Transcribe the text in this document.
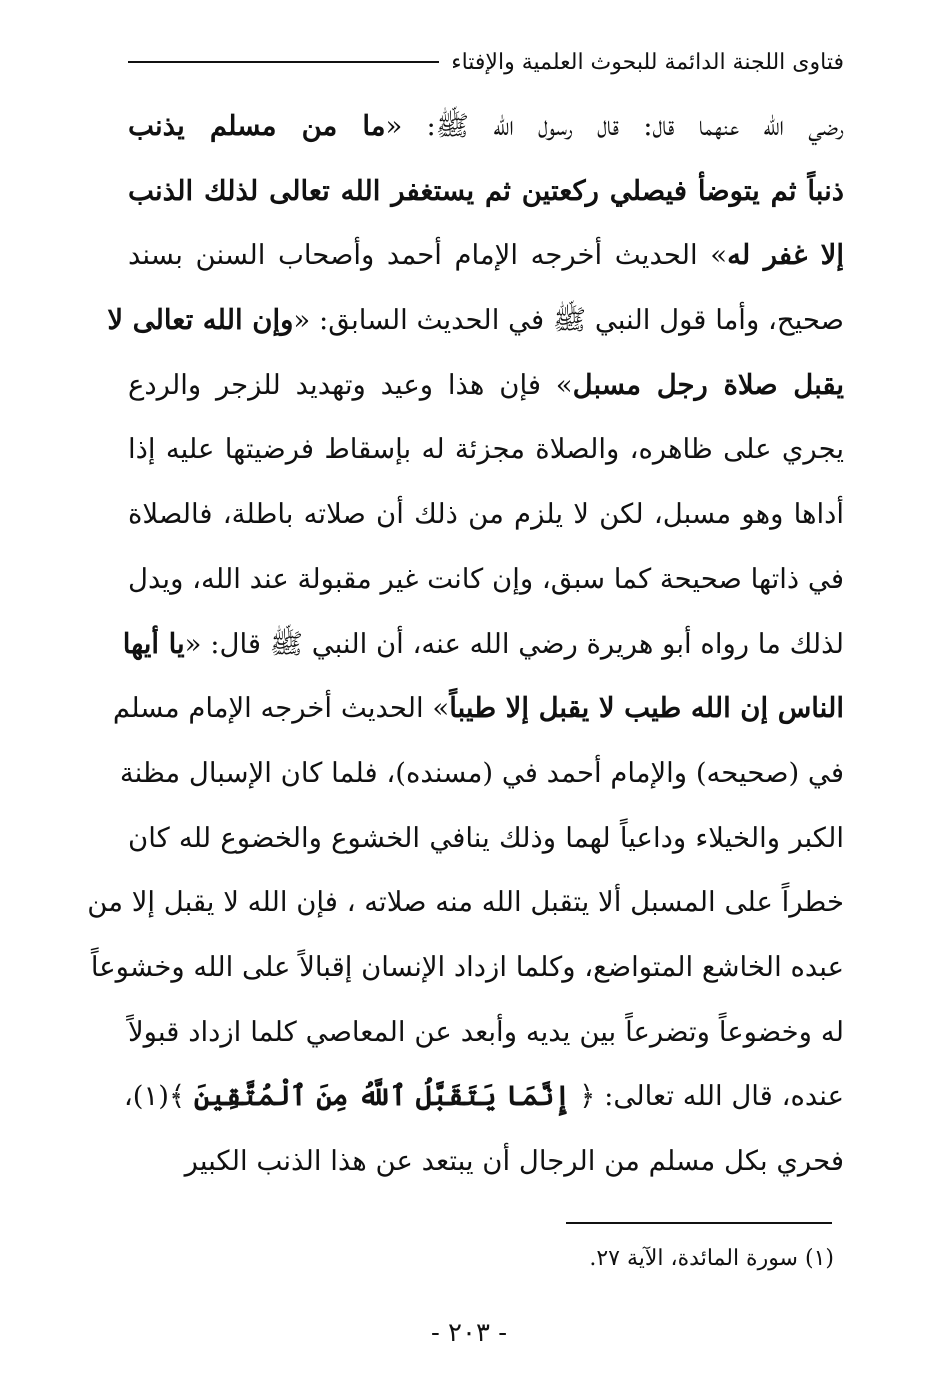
فتاوى اللجنة الدائمة للبحوث العلمية والإفتاء
رضي الله عنهما قال: قال رسول الله ﷺ: «ما من مسلم يذنب
ذنباً ثم يتوضأ فيصلي ركعتين ثم يستغفر الله تعالى لذلك الذنب
إلا غفر له» الحديث أخرجه الإمام أحمد وأصحاب السنن بسند
صحيح، وأما قول النبي ﷺ في الحديث السابق: «وإن الله تعالى لا
يقبل صلاة رجل مسبل» فإن هذا وعيد وتهديد للزجر والردع
يجري على ظاهره، والصلاة مجزئة له بإسقاط فرضيتها عليه إذا
أداها وهو مسبل، لكن لا يلزم من ذلك أن صلاته باطلة، فالصلاة
في ذاتها صحيحة كما سبق، وإن كانت غير مقبولة عند الله، ويدل
لذلك ما رواه أبو هريرة رضي الله عنه، أن النبي ﷺ قال: «يا أيها
الناس إن الله طيب لا يقبل إلا طيباً» الحديث أخرجه الإمام مسلم
في (صحيحه) والإمام أحمد في (مسنده)، فلما كان الإسبال مظنة
الكبر والخيلاء وداعياً لهما وذلك ينافي الخشوع والخضوع لله كان
خطراً على المسبل ألا يتقبل الله منه صلاته ، فإن الله لا يقبل إلا من
عبده الخاشع المتواضع، وكلما ازداد الإنسان إقبالاً على الله وخشوعاً
له وخضوعاً وتضرعاً بين يديه وأبعد عن المعاصي كلما ازداد قبولاً
عنده، قال الله تعالى: ﴿ إِنَّمَا يَتَقَبَّلُ ٱللَّهُ مِنَ ٱلْمُتَّقِينَ ﴾(١)،
فحري بكل مسلم من الرجال أن يبتعد عن هذا الذنب الكبير
(١) سورة المائدة، الآية ٢٧.
- ٢٠٣ -
